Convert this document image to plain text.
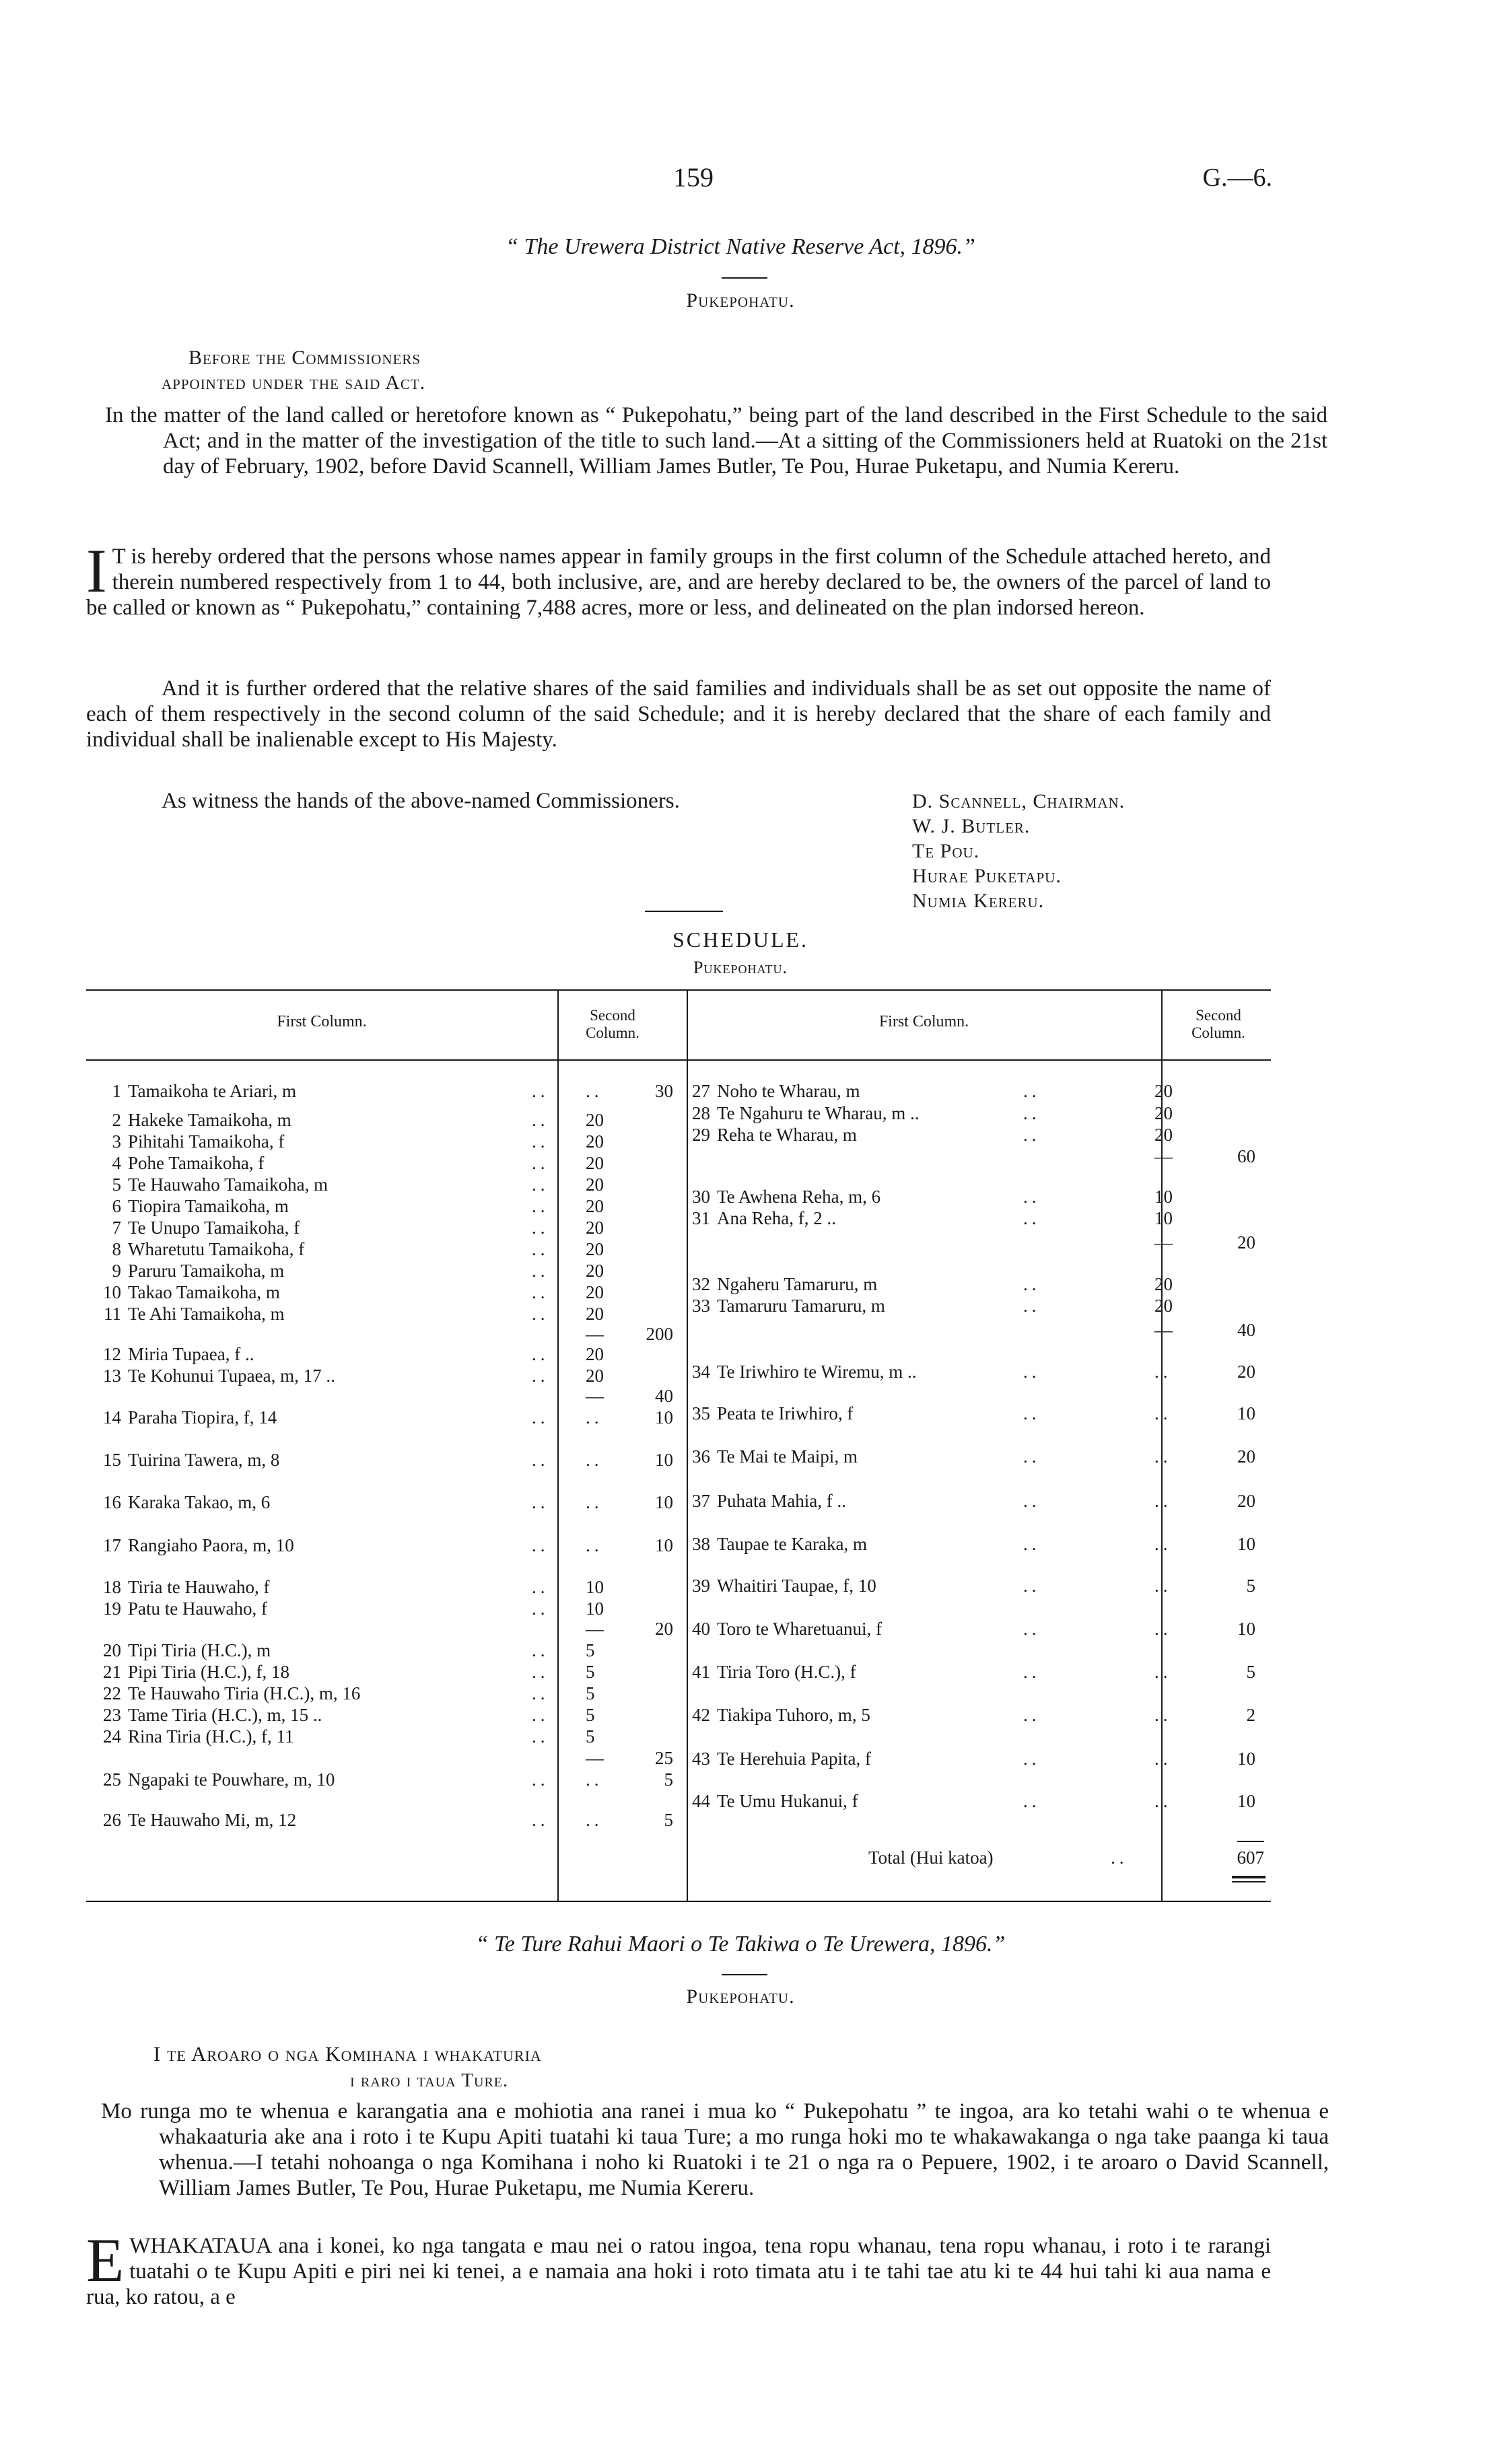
159	G.—6.
“ The Urewera District Native Reserve Act, 1896.”
Pukepohatu.
Before the Commissioners
appointed under the said Act.
In the matter of the land called or heretofore known as “ Pukepohatu,” being part of the land described in the First Schedule to the said Act; and in the matter of the investigation of the title to such land.—At a sitting of the Commissioners held at Ruatoki on the 21st day of February, 1902, before David Scannell, William James Butler, Te Pou, Hurae Puketapu, and Numia Kereru.
I T is hereby ordered that the persons whose names appear in family groups in the first column of the Schedule attached hereto, and therein numbered respectively from 1 to 44, both inclusive, are, and are hereby declared to be, the owners of the parcel of land to be called or known as “ Pukepohatu,” containing 7,488 acres, more or less, and delineated on the plan indorsed hereon.
And it is further ordered that the relative shares of the said families and individuals shall be as set out opposite the name of each of them respectively in the second column of the said Schedule; and it is hereby declared that the share of each family and individual shall be inalienable except to His Majesty.
As witness the hands of the above-named Commissioners.	D. Scannell, Chairman.
W. J. Butler.
Te Pou.
Hurae Puketapu.
Numia Kereru.
SCHEDULE.
Pukepohatu.
First Column.	Second Column.
First Column.	Second Column.
1 Tamaikoha te Ariari, m	.. ..	30
2 Hakeke Tamaikoha, m	.. 20
3 Pihitahi Tamaikoha, f	.. 20
4 Pohe Tamaikoha, f	.. 20
5 Te Hauwaho Tamaikoha, m	.. 20
6 Tiopira Tamaikoha, m	.. 20
7 Te Unupo Tamaikoha, f	.. 20
8 Wharetutu Tamaikoha, f	.. 20
9 Paruru Tamaikoha, m	.. 20
10 Takao Tamaikoha, m	.. 20
11 Te Ahi Tamaikoha, m	.. 20
—	200
12 Miria Tupaea, f ..	.. 20
13 Te Kohunui Tupaea, m, 17 ..	.. 20
—	40
14 Paraha Tiopira, f, 14	.. ..	10
15 Tuirina Tawera, m, 8	.. ..	10
16 Karaka Takao, m, 6	.. ..	10
17 Rangiaho Paora, m, 10	.. ..	10
18 Tiria te Hauwaho, f	.. 10
19 Patu te Hauwaho, f	.. 10
—	20
20 Tipi Tiria (H.C.), m	.. 5
21 Pipi Tiria (H.C.), f, 18	.. 5
22 Te Hauwaho Tiria (H.C.), m, 16	.. 5
23 Tame Tiria (H.C.), m, 15 ..	.. 5
24 Rina Tiria (H.C.), f, 11	.. 5
—	25
25 Ngapaki te Pouwhare, m, 10	.. ..	5
26 Te Hauwaho Mi, m, 12	.. ..	5
27 Noho te Wharau, m	..	20
28 Te Ngahuru te Wharau, m ..	..	20
29 Reha te Wharau, m	..	20
—	60
30 Te Awhena Reha, m, 6	..	10
31 Ana Reha, f, 2 ..	..	10
—	20
32 Ngaheru Tamaruru, m	..	20
33 Tamaruru Tamaruru, m	..	20
—	40
34 Te Iriwhiro te Wiremu, m ..	..	..	20
35 Peata te Iriwhiro, f	..	..	10
36 Te Mai te Maipi, m	..	..	20
37 Puhata Mahia, f ..	..	..	20
38 Taupae te Karaka, m	..	..	10
39 Whaitiri Taupae, f, 10	..	..	5
40 Toro te Wharetuanui, f	..	..	10
41 Tiria Toro (H.C.), f	..	..	5
42 Tiakipa Tuhoro, m, 5	..	..	2
43 Te Herehuia Papita, f	..	..	10
44 Te Umu Hukanui, f	..	..	10
Total (Hui katoa)	..	607
“ Te Ture Rahui Maori o Te Takiwa o Te Urewera, 1896.”
Pukepohatu.
I te Aroaro o nga Komihana i whakaturia
i raro i taua Ture.
Mo runga mo te whenua e karangatia ana e mohiotia ana ranei i mua ko “ Pukepohatu ” te ingoa, ara ko tetahi wahi o te whenua e whakaaturia ake ana i roto i te Kupu Apiti tuatahi ki taua Ture; a mo runga hoki mo te whakawakanga o nga take paanga ki taua whenua.—I tetahi nohoanga o nga Komihana i noho ki Ruatoki i te 21 o nga ra o Pepuere, 1902, i te aroaro o David Scannell, William James Butler, Te Pou, Hurae Puketapu, me Numia Kereru.
EWHAKATAUA ana i konei, ko nga tangata e mau nei o ratou ingoa, tena ropu whanau, tena ropu whanau, i roto i te rarangi tuatahi o te Kupu Apiti e piri nei ki tenei, a e namaia ana hoki i roto timata atu i te tahi tae atu ki te 44 hui tahi ki aua nama e rua, ko ratou, a e
